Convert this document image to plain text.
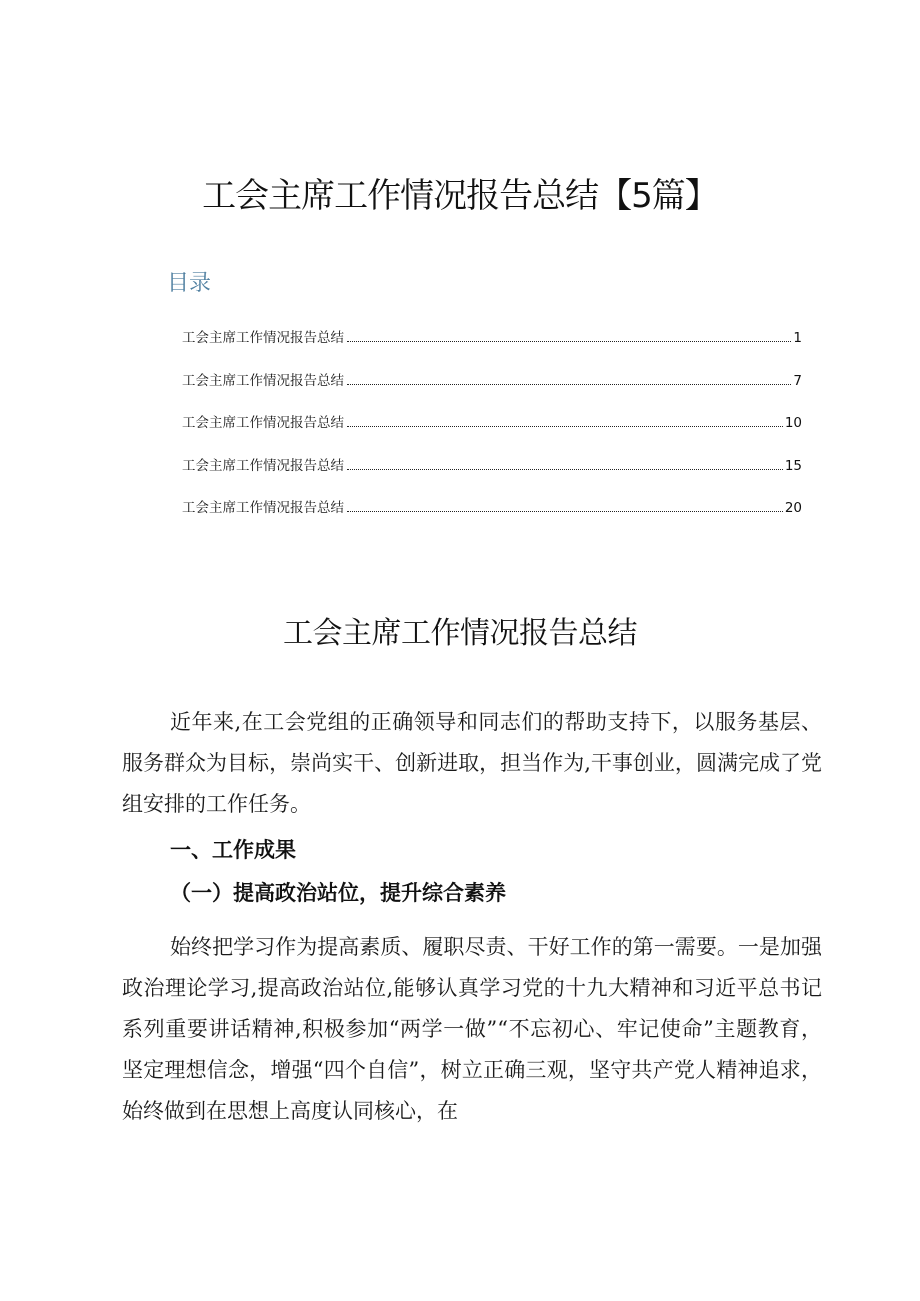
工会主席工作情况报告总结【5篇】
目录
工会主席工作情况报告总结	1
工会主席工作情况报告总结	7
工会主席工作情况报告总结	10
工会主席工作情况报告总结	15
工会主席工作情况报告总结	20
工会主席工作情况报告总结

近年来,在工会党组的正确领导和同志们的帮助支持下，以服务基层、服务群众为目标，崇尚实干、创新进取，担当作为,干事创业，圆满完成了党组安排的工作任务。

一、工作成果
（一）提高政治站位，提升综合素养

始终把学习作为提高素质、履职尽责、干好工作的第一需要。一是加强政治理论学习,提高政治站位,能够认真学习党的十九大精神和习近平总书记系列重要讲话精神,积极参加“两学一做”“不忘初心、牢记使命”主题教育，坚定理想信念，增强“四个自信”，树立正确三观，坚守共产党人精神追求，始终做到在思想上高度认同核心，在
